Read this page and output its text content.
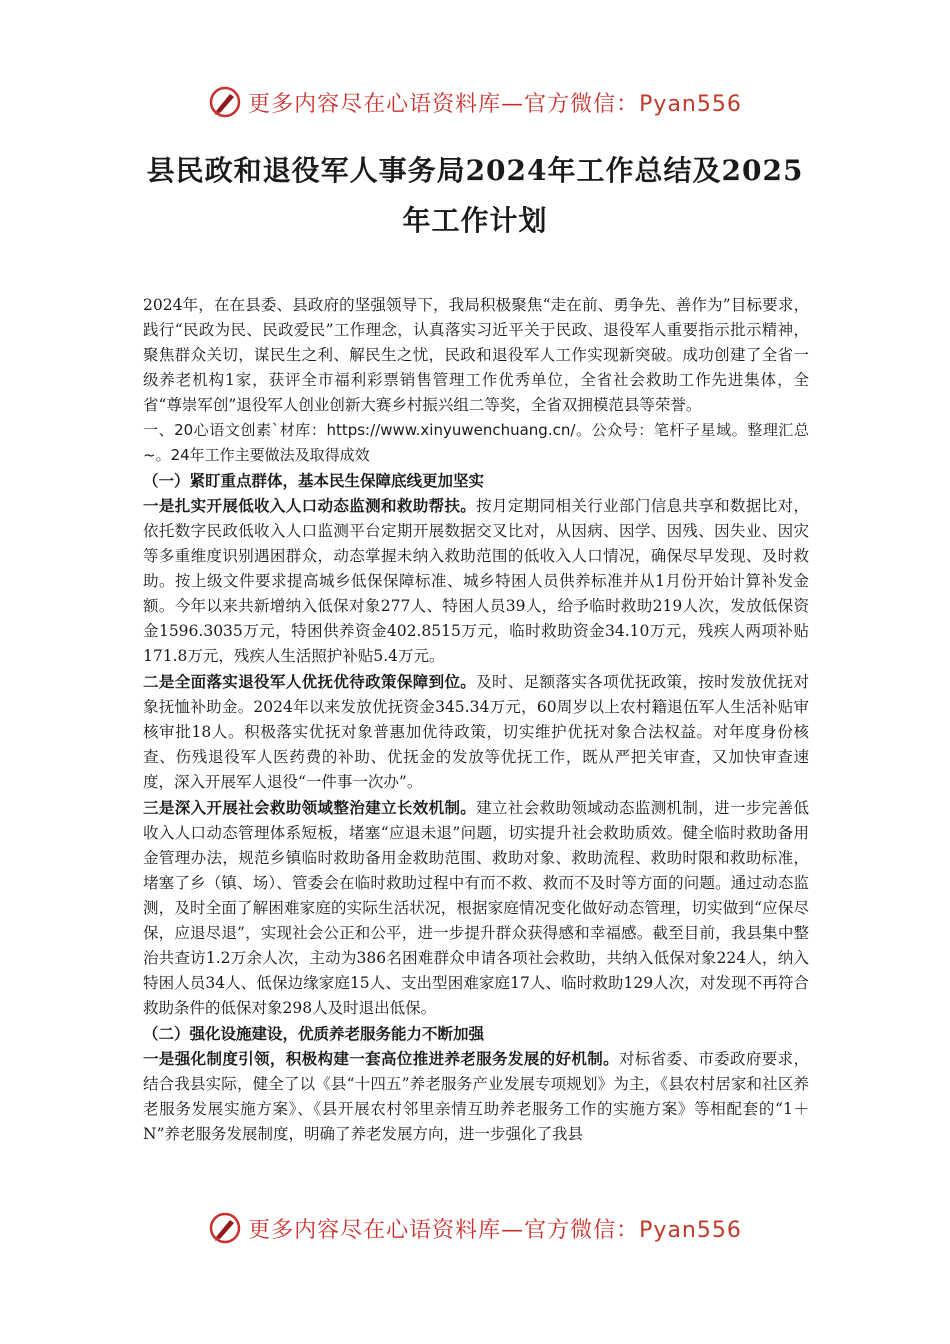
更多内容尽在心语资料库—官方微信：Pyan556
县民政和退役军人事务局2024年工作总结及2025
年工作计划

2024年，在在县委、县政府的坚强领导下，我局积极聚焦“走在前、勇争先、善作为”目标要求，践行“民政为民、民政爱民”工作理念，认真落实习近平关于民政、退役军人重要指示批示精神，聚焦群众关切，谋民生之利、解民生之忧，民政和退役军人工作实现新突破。成功创建了全省一级养老机构1家，获评全市福利彩票销售管理工作优秀单位，全省社会救助工作先进集体，全省“尊崇军创”退役军人创业创新大赛乡村振兴组二等奖，全省双拥模范县等荣誉。

一、20心语文创素`材库：https://www.xinyuwenchuang.cn/。公众号：笔杆子星域。整理汇总~。24年工作主要做法及取得成效

（一）紧盯重点群体，基本民生保障底线更加坚实

一是扎实开展低收入人口动态监测和救助帮扶。按月定期同相关行业部门信息共享和数据比对，依托数字民政低收入人口监测平台定期开展数据交叉比对，从因病、因学、因残、因失业、因灾等多重维度识别遇困群众，动态掌握未纳入救助范围的低收入人口情况，确保尽早发现、及时救助。按上级文件要求提高城乡低保保障标准、城乡特困人员供养标准并从1月份开始计算补发金额。今年以来共新增纳入低保对象277人、特困人员39人，给予临时救助219人次，发放低保资金1596.3035万元，特困供养资金402.8515万元，临时救助资金34.10万元，残疾人两项补贴171.8万元，残疾人生活照护补贴5.4万元。

二是全面落实退役军人优抚优待政策保障到位。及时、足额落实各项优抚政策，按时发放优抚对象抚恤补助金。2024年以来发放优抚资金345.34万元，60周岁以上农村籍退伍军人生活补贴审核审批18人。积极落实优抚对象普惠加优待政策，切实维护优抚对象合法权益。对年度身份核查、伤残退役军人医药费的补助、优抚金的发放等优抚工作，既从严把关审查，又加快审查速度，深入开展军人退役“一件事一次办”。

三是深入开展社会救助领域整治建立长效机制。建立社会救助领域动态监测机制，进一步完善低收入人口动态管理体系短板，堵塞“应退未退”问题，切实提升社会救助质效。健全临时救助备用金管理办法，规范乡镇临时救助备用金救助范围、救助对象、救助流程、救助时限和救助标准，堵塞了乡（镇、场）、管委会在临时救助过程中有而不救、救而不及时等方面的问题。通过动态监测，及时全面了解困难家庭的实际生活状况，根据家庭情况变化做好动态管理，切实做到“应保尽保，应退尽退”，实现社会公正和公平，进一步提升群众获得感和幸福感。截至目前，我县集中整治共查访1.2万余人次，主动为386名困难群众申请各项社会救助，共纳入低保对象224人，纳入特困人员34人、低保边缘家庭15人、支出型困难家庭17人、临时救助129人次，对发现不再符合救助条件的低保对象298人及时退出低保。

（二）强化设施建设，优质养老服务能力不断加强

一是强化制度引领，积极构建一套高位推进养老服务发展的好机制。对标省委、市委政府要求，结合我县实际，健全了以《县“十四五”养老服务产业发展专项规划》为主，《县农村居家和社区养老服务发展实施方案》、《县开展农村邻里亲情互助养老服务工作的实施方案》等相配套的“1＋N”养老服务发展制度，明确了养老发展方向，进一步强化了我县

更多内容尽在心语资料库—官方微信：Pyan556
